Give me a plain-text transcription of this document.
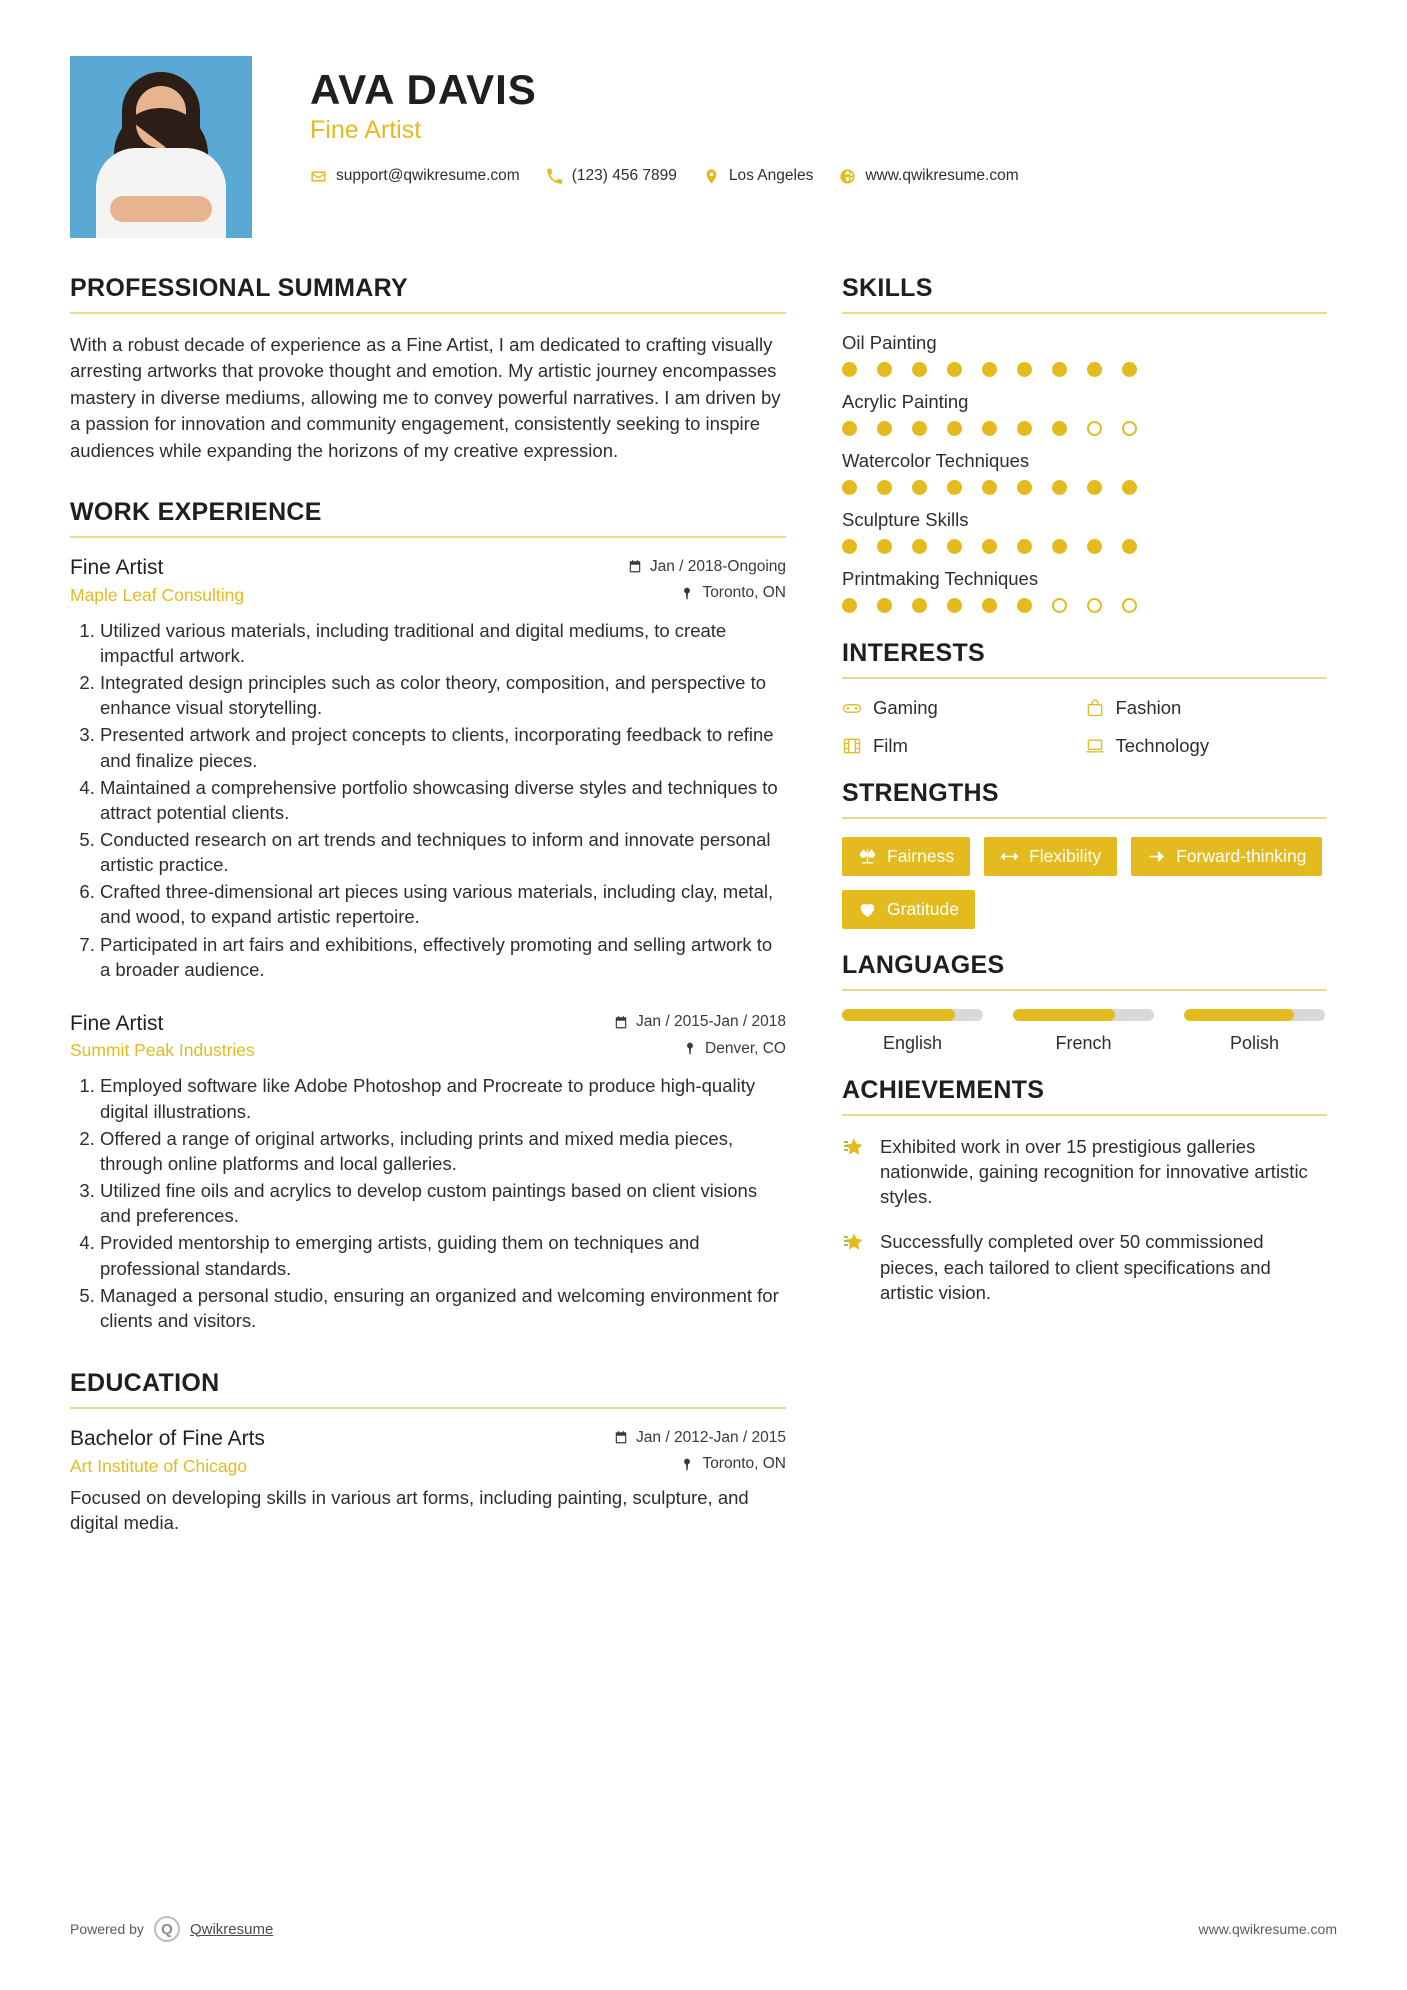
AVA DAVIS
Fine Artist
support@qwikresume.com	(123) 456 7899	Los Angeles	www.qwikresume.com
PROFESSIONAL SUMMARY
With a robust decade of experience as a Fine Artist, I am dedicated to crafting visually arresting artworks that provoke thought and emotion. My artistic journey encompasses mastery in diverse mediums, allowing me to convey powerful narratives. I am driven by a passion for innovation and community engagement, consistently seeking to inspire audiences while expanding the horizons of my creative expression.
WORK EXPERIENCE
Fine Artist	Jan / 2018-Ongoing
Maple Leaf Consulting	Toronto, ON
1. Utilized various materials, including traditional and digital mediums, to create impactful artwork.
2. Integrated design principles such as color theory, composition, and perspective to enhance visual storytelling.
3. Presented artwork and project concepts to clients, incorporating feedback to refine and finalize pieces.
4. Maintained a comprehensive portfolio showcasing diverse styles and techniques to attract potential clients.
5. Conducted research on art trends and techniques to inform and innovate personal artistic practice.
6. Crafted three-dimensional art pieces using various materials, including clay, metal, and wood, to expand artistic repertoire.
7. Participated in art fairs and exhibitions, effectively promoting and selling artwork to a broader audience.
Fine Artist	Jan / 2015-Jan / 2018
Summit Peak Industries	Denver, CO
1. Employed software like Adobe Photoshop and Procreate to produce high-quality digital illustrations.
2. Offered a range of original artworks, including prints and mixed media pieces, through online platforms and local galleries.
3. Utilized fine oils and acrylics to develop custom paintings based on client visions and preferences.
4. Provided mentorship to emerging artists, guiding them on techniques and professional standards.
5. Managed a personal studio, ensuring an organized and welcoming environment for clients and visitors.
EDUCATION
Bachelor of Fine Arts	Jan / 2012-Jan / 2015
Art Institute of Chicago	Toronto, ON
Focused on developing skills in various art forms, including painting, sculpture, and digital media.
SKILLS
Oil Painting
Acrylic Painting
Watercolor Techniques
Sculpture Skills
Printmaking Techniques
INTERESTS
Gaming	Fashion
Film	Technology
STRENGTHS
Fairness	Flexibility	Forward-thinking
Gratitude
LANGUAGES
English	French	Polish
ACHIEVEMENTS
Exhibited work in over 15 prestigious galleries nationwide, gaining recognition for innovative artistic styles.
Successfully completed over 50 commissioned pieces, each tailored to client specifications and artistic vision.
Powered by	Q	Qwikresume	www.qwikresume.com
